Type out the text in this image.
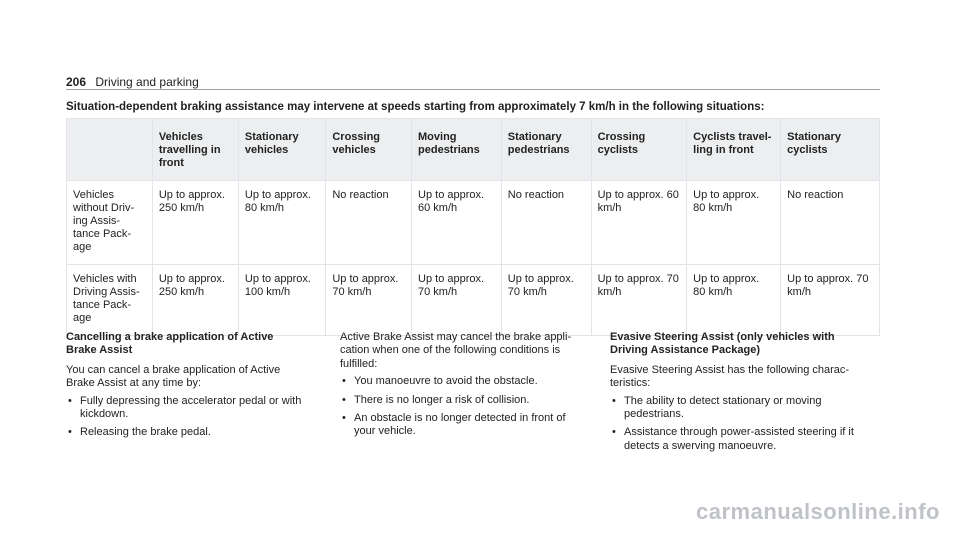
206 Driving and parking
Situation-dependent braking assistance may intervene at speeds starting from approximately 7 km/h in the following situations:
	Vehicles travelling in front	Stationary vehicles	Crossing vehicles	Moving pedestrians	Stationary pedestrians	Crossing cyclists	Cyclists travel-ling in front	Stationary cyclists
Vehicles without Driv-ing Assis-tance Pack-age	Up to approx. 250 km/h	Up to approx. 80 km/h	No reaction	Up to approx. 60 km/h	No reaction	Up to approx. 60 km/h	Up to approx. 80 km/h	No reaction
Vehicles with Driving Assis-tance Pack-age	Up to approx. 250 km/h	Up to approx. 100 km/h	Up to approx. 70 km/h	Up to approx. 70 km/h	Up to approx. 70 km/h	Up to approx. 70 km/h	Up to approx. 80 km/h	Up to approx. 70 km/h
Cancelling a brake application of Active Brake Assist

You can cancel a brake application of Active Brake Assist at any time by:

• Fully depressing the accelerator pedal or with kickdown.
• Releasing the brake pedal.

Active Brake Assist may cancel the brake appli-cation when one of the following conditions is fulfilled:

• You manoeuvre to avoid the obstacle.
• There is no longer a risk of collision.
• An obstacle is no longer detected in front of your vehicle.
Evasive Steering Assist (only vehicles with Driving Assistance Package)

Evasive Steering Assist has the following charac-teristics:

• The ability to detect stationary or moving pedestrians.
• Assistance through power-assisted steering if it detects a swerving manoeuvre.
carmanualsonline.info
